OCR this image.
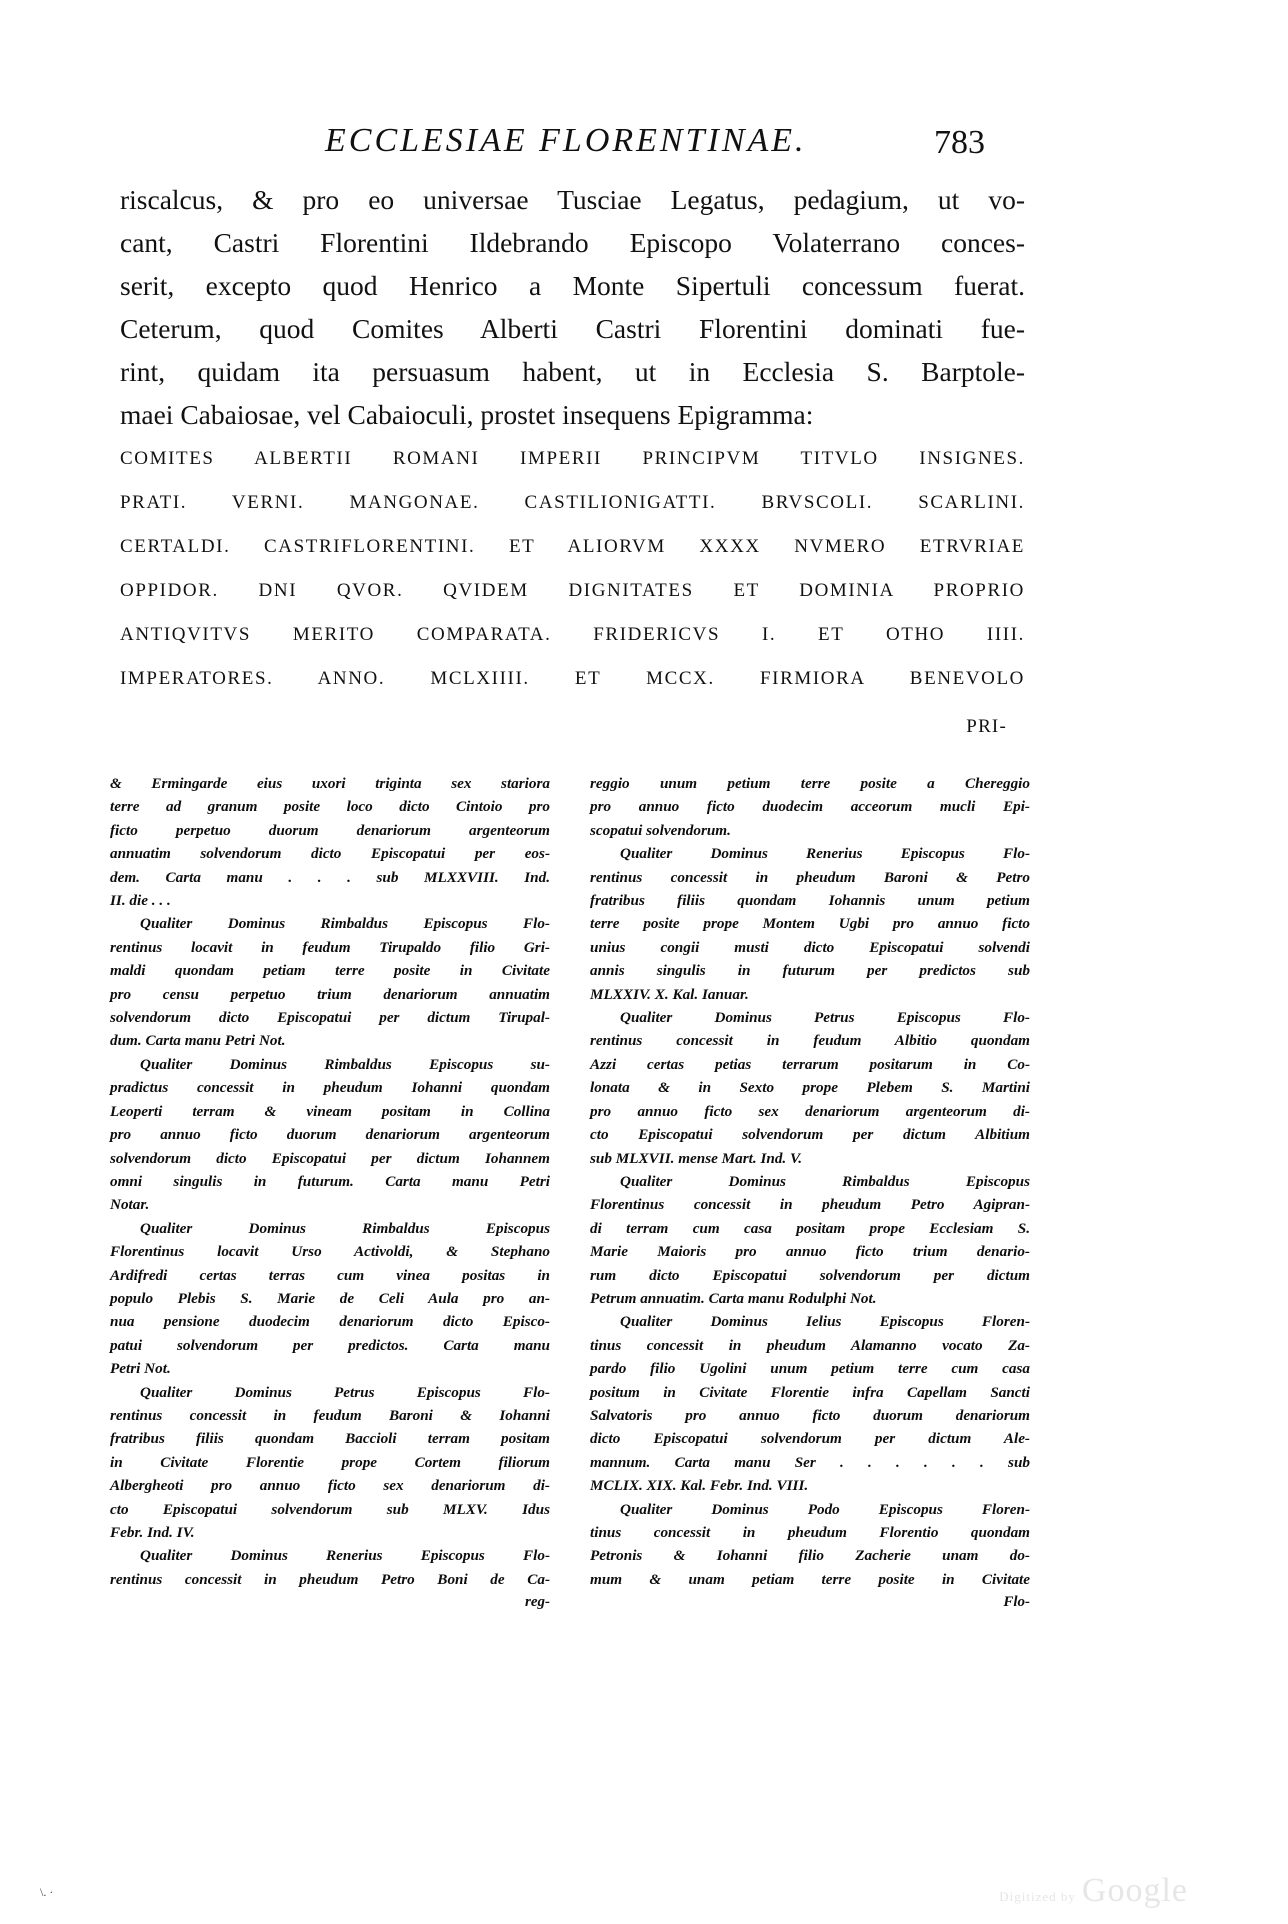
ECCLESIAE FLORENTINAE.	783
riscalcus, & pro eo universae Tusciae Legatus, pedagium, ut vo-
cant, Castri Florentini Ildebrando Episcopo Volaterrano conces-
serit, excepto quod Henrico a Monte Sipertuli concessum fuerat.
Ceterum, quod Comites Alberti Castri Florentini dominati fue-
rint, quidam ita persuasum habent, ut in Ecclesia S. Barptole-
maei Cabaiosae, vel Cabaioculi, prostet insequens Epigramma:
COMITES ALBERTII ROMANI IMPERII PRINCIPVM TITVLO INSIGNES.
PRATI. VERNI. MANGONAE. CASTILIONIGATTI. BRVSCOLI. SCARLINI.
CERTALDI. CASTRIFLORENTINI. ET ALIORVM XXXX NVMERO ETRVRIAE
OPPIDOR. DNI QVOR. QVIDEM DIGNITATES ET DOMINIA PROPRIO
ANTIQVITVS MERITO COMPARATA. FRIDERICVS I. ET OTHO IIII.
IMPERATORES. ANNO. MCLXIIII. ET MCCX. FIRMIORA BENEVOLO
PRI-
& Ermingarde eius uxori triginta sex stariora
terre ad granum posite loco dicto Cintoio pro
ficto perpetuo duorum denariorum argenteorum
annuatim solvendorum dicto Episcopatui per eos-
dem. Carta manu . . . sub MLXXVIII. Ind.
II. die . . .
Qualiter Dominus Rimbaldus Episcopus Flo-
rentinus locavit in feudum Tirupaldo filio Gri-
maldi quondam petiam terre posite in Civitate
pro censu perpetuo trium denariorum annuatim
solvendorum dicto Episcopatui per dictum Tirupal-
dum. Carta manu Petri Not.
Qualiter Dominus Rimbaldus Episcopus su-
pradictus concessit in pheudum Iohanni quondam
Leoperti terram & vineam positam in Collina
pro annuo ficto duorum denariorum argenteorum
solvendorum dicto Episcopatui per dictum Iohannem
omni singulis in futurum. Carta manu Petri
Notar.
Qualiter Dominus Rimbaldus Episcopus
Florentinus locavit Urso Activoldi, & Stephano
Ardifredi certas terras cum vinea positas in
populo Plebis S. Marie de Celi Aula pro an-
nua pensione duodecim denariorum dicto Episco-
patui solvendorum per predictos. Carta manu
Petri Not.
Qualiter Dominus Petrus Episcopus Flo-
rentinus concessit in feudum Baroni & Iohanni
fratribus filiis quondam Baccioli terram positam
in Civitate Florentie prope Cortem filiorum
Albergheoti pro annuo ficto sex denariorum di-
cto Episcopatui solvendorum sub MLXV. Idus
Febr. Ind. IV.
Qualiter Dominus Renerius Episcopus Flo-
rentinus concessit in pheudum Petro Boni de Ca-
reg-
reggio unum petium terre posite a Chereggio
pro annuo ficto duodecim acceorum mucli Epi-
scopatui solvendorum.
Qualiter Dominus Renerius Episcopus Flo-
rentinus concessit in pheudum Baroni & Petro
fratribus filiis quondam Iohannis unum petium
terre posite prope Montem Ugbi pro annuo ficto
unius congii musti dicto Episcopatui solvendi
annis singulis in futurum per predictos sub
MLXXIV. X. Kal. Ianuar.
Qualiter Dominus Petrus Episcopus Flo-
rentinus concessit in feudum Albitio quondam
Azzi certas petias terrarum positarum in Co-
lonata & in Sexto prope Plebem S. Martini
pro annuo ficto sex denariorum argenteorum di-
cto Episcopatui solvendorum per dictum Albitium
sub MLXVII. mense Mart. Ind. V.
Qualiter Dominus Rimbaldus Episcopus
Florentinus concessit in pheudum Petro Agipran-
di terram cum casa positam prope Ecclesiam S.
Marie Maioris pro annuo ficto trium denario-
rum dicto Episcopatui solvendorum per dictum
Petrum annuatim. Carta manu Rodulphi Not.
Qualiter Dominus Ielius Episcopus Floren-
tinus concessit in pheudum Alamanno vocato Za-
pardo filio Ugolini unum petium terre cum casa
positum in Civitate Florentie infra Capellam Sancti
Salvatoris pro annuo ficto duorum denariorum
dicto Episcopatui solvendorum per dictum Ale-
mannum. Carta manu Ser . . . . . . sub
MCLIX. XIX. Kal. Febr. Ind. VIII.
Qualiter Dominus Podo Episcopus Floren-
tinus concessit in pheudum Florentio quondam
Petronis & Iohanni filio Zacherie unam do-
mum & unam petiam terre posite in Civitate
Flo-
\. ·	Digitized by Google
